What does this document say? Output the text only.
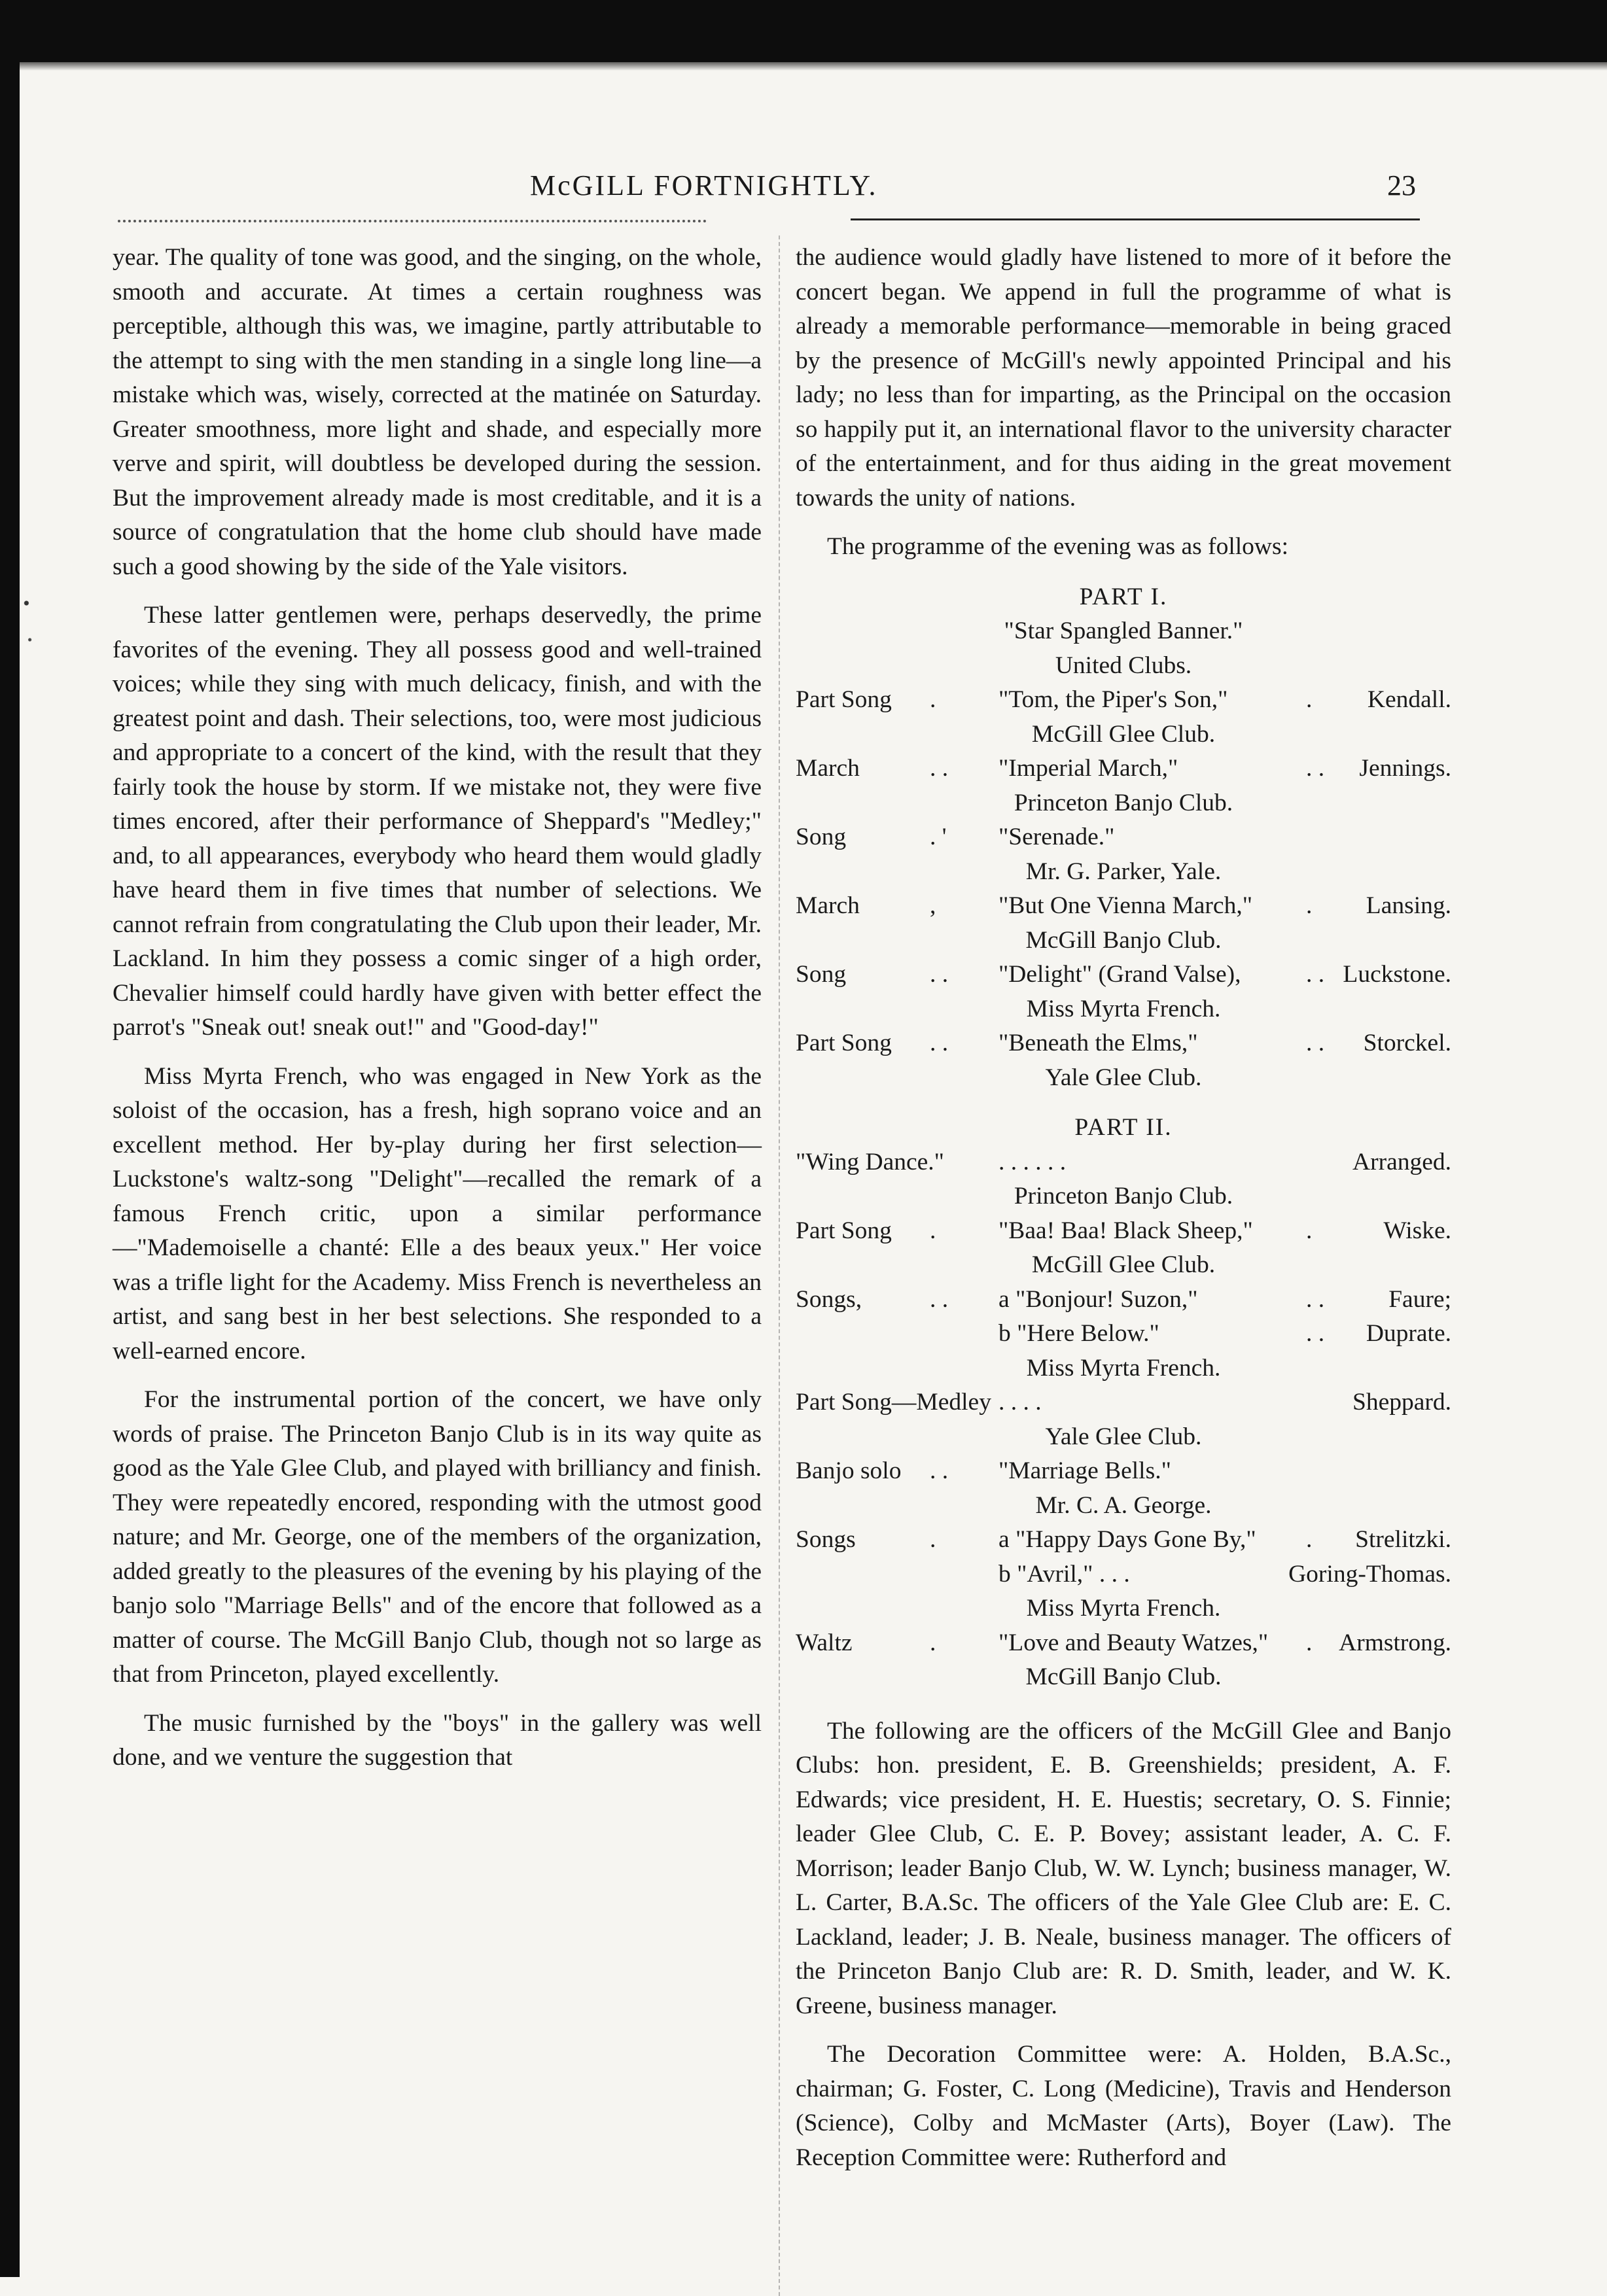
McGILL FORTNIGHTLY.	23

year. The quality of tone was good, and the singing, on the whole, smooth and accurate. At times a certain roughness was perceptible, although this was, we imagine, partly attributable to the attempt to sing with the men standing in a single long line—a mistake which was, wisely, corrected at the matinée on Saturday. Greater smoothness, more light and shade, and especially more verve and spirit, will doubtless be developed during the session. But the improvement already made is most creditable, and it is a source of congratulation that the home club should have made such a good showing by the side of the Yale visitors.

These latter gentlemen were, perhaps deservedly, the prime favorites of the evening. They all possess good and well-trained voices; while they sing with much delicacy, finish, and with the greatest point and dash. Their selections, too, were most judicious and appropriate to a concert of the kind, with the result that they fairly took the house by storm. If we mistake not, they were five times encored, after their performance of Sheppard's "Medley;" and, to all appearances, everybody who heard them would gladly have heard them in five times that number of selections. We cannot refrain from congratulating the Club upon their leader, Mr. Lackland. In him they possess a comic singer of a high order, Chevalier himself could hardly have given with better effect the parrot's "Sneak out! sneak out!" and "Good-day!"

Miss Myrta French, who was engaged in New York as the soloist of the occasion, has a fresh, high soprano voice and an excellent method. Her by-play during her first selection—Luckstone's waltz-song "Delight"—recalled the remark of a famous French critic, upon a similar performance—"Mademoiselle a chanté: Elle a des beaux yeux." Her voice was a trifle light for the Academy. Miss French is nevertheless an artist, and sang best in her best selections. She responded to a well-earned encore.

For the instrumental portion of the concert, we have only words of praise. The Princeton Banjo Club is in its way quite as good as the Yale Glee Club, and played with brilliancy and finish. They were repeatedly encored, responding with the utmost good nature; and Mr. George, one of the members of the organization, added greatly to the pleasures of the evening by his playing of the banjo solo "Marriage Bells" and of the encore that followed as a matter of course. The McGill Banjo Club, though not so large as that from Princeton, played excellently.

The music furnished by the "boys" in the gallery was well done, and we venture the suggestion that

the audience would gladly have listened to more of it before the concert began. We append in full the programme of what is already a memorable performance—memorable in being graced by the presence of McGill's newly appointed Principal and his lady; no less than for imparting, as the Principal on the occasion so happily put it, an international flavor to the university character of the entertainment, and for thus aiding in the great movement towards the unity of nations.

The programme of the evening was as follows:

PART I.

"Star Spangled Banner."
United Clubs.
Part Song .	"Tom, the Piper's Son,"	. Kendall.
McGill Glee Club.
March	. . "Imperial March,"	. . Jennings.
Princeton Banjo Club.
Song	. ' "Serenade."
Mr. G. Parker, Yale.
March	,	"But One Vienna March," . Lansing.
McGill Banjo Club.
Song	. . "Delight" (Grand Valse),	. . Luckstone.
Miss Myrta French.
Part Song . . "Beneath the Elms,"	. . Storckel.
Yale Glee Club.

PART II.

"Wing Dance." . . . . . .	Arranged.
Princeton Banjo Club.
Part Song .	"Baa! Baa! Black Sheep," .	Wiske.
McGill Glee Club.
Songs,	. . a "Bonjour! Suzon,"	. .	Faure;
b "Here Below."	. . Duprate.
Miss Myrta French.
Part Song—Medley . . . .	Sheppard.
Yale Glee Club.
Banjo solo . . "Marriage Bells."
Mr. C. A. George.
Songs	.	a "Happy Days Gone By," . Strelitzki.
b "Avril," . . .	Goring-Thomas.
Miss Myrta French.
Waltz	.	"Love and Beauty Watzes," . Armstrong.
McGill Banjo Club.

The following are the officers of the McGill Glee and Banjo Clubs: hon. president, E. B. Greenshields; president, A. F. Edwards; vice president, H. E. Huestis; secretary, O. S. Finnie; leader Glee Club, C. E. P. Bovey; assistant leader, A. C. F. Morrison; leader Banjo Club, W. W. Lynch; business manager, W. L. Carter, B.A.Sc. The officers of the Yale Glee Club are: E. C. Lackland, leader; J. B. Neale, business manager. The officers of the Princeton Banjo Club are: R. D. Smith, leader, and W. K. Greene, business manager.

The Decoration Committee were: A. Holden, B.A.Sc., chairman; G. Foster, C. Long (Medicine), Travis and Henderson (Science), Colby and McMaster (Arts), Boyer (Law). The Reception Committee were: Rutherford and
